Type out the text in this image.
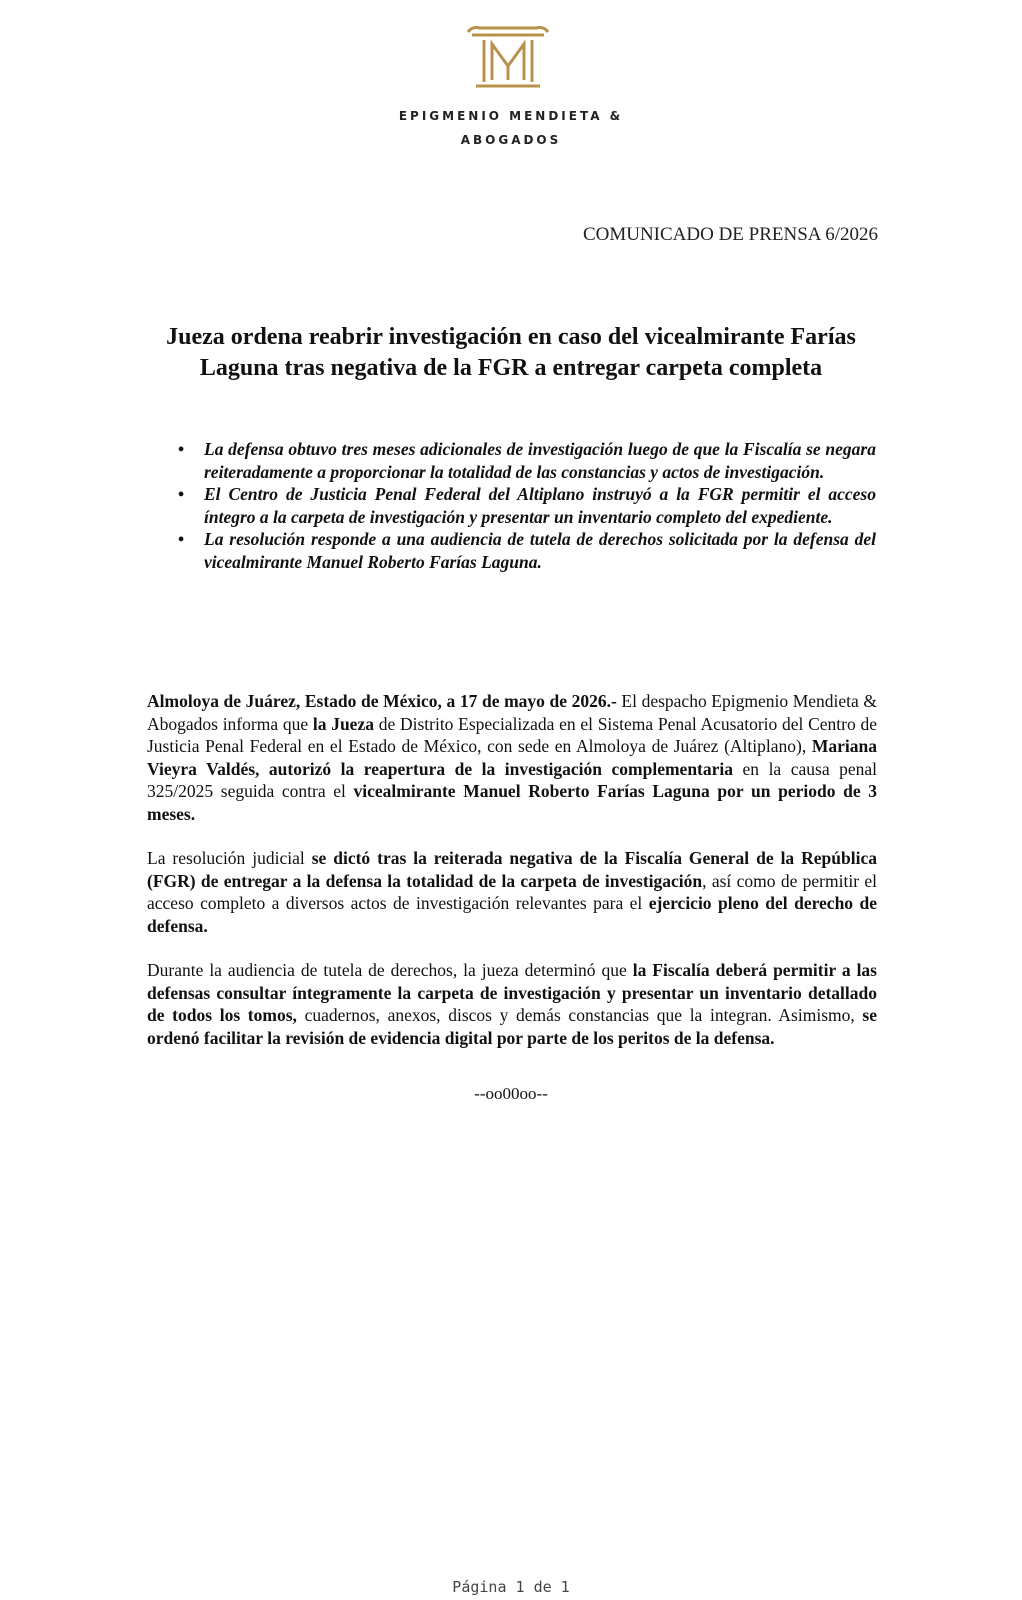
EPIGMENIO MENDIETA &
ABOGADOS
COMUNICADO DE PRENSA 6/2026
Jueza ordena reabrir investigación en caso del vicealmirante Farías Laguna tras negativa de la FGR a entregar carpeta completa
• La defensa obtuvo tres meses adicionales de investigación luego de que la Fiscalía se negara reiteradamente a proporcionar la totalidad de las constancias y actos de investigación.
• El Centro de Justicia Penal Federal del Altiplano instruyó a la FGR permitir el acceso íntegro a la carpeta de investigación y presentar un inventario completo del expediente.
• La resolución responde a una audiencia de tutela de derechos solicitada por la defensa del vicealmirante Manuel Roberto Farías Laguna.

Almoloya de Juárez, Estado de México, a 17 de mayo de 2026.- El despacho Epigmenio Mendieta & Abogados informa que la Jueza de Distrito Especializada en el Sistema Penal Acusatorio del Centro de Justicia Penal Federal en el Estado de México, con sede en Almoloya de Juárez (Altiplano), Mariana Vieyra Valdés, autorizó la reapertura de la investigación complementaria en la causa penal 325/2025 seguida contra el vicealmirante Manuel Roberto Farías Laguna por un periodo de 3 meses.

La resolución judicial se dictó tras la reiterada negativa de la Fiscalía General de la República (FGR) de entregar a la defensa la totalidad de la carpeta de investigación, así como de permitir el acceso completo a diversos actos de investigación relevantes para el ejercicio pleno del derecho de defensa.

Durante la audiencia de tutela de derechos, la jueza determinó que la Fiscalía deberá permitir a las defensas consultar íntegramente la carpeta de investigación y presentar un inventario detallado de todos los tomos, cuadernos, anexos, discos y demás constancias que la integran. Asimismo, se ordenó facilitar la revisión de evidencia digital por parte de los peritos de la defensa.

--oo00oo--
Página 1 de 1
